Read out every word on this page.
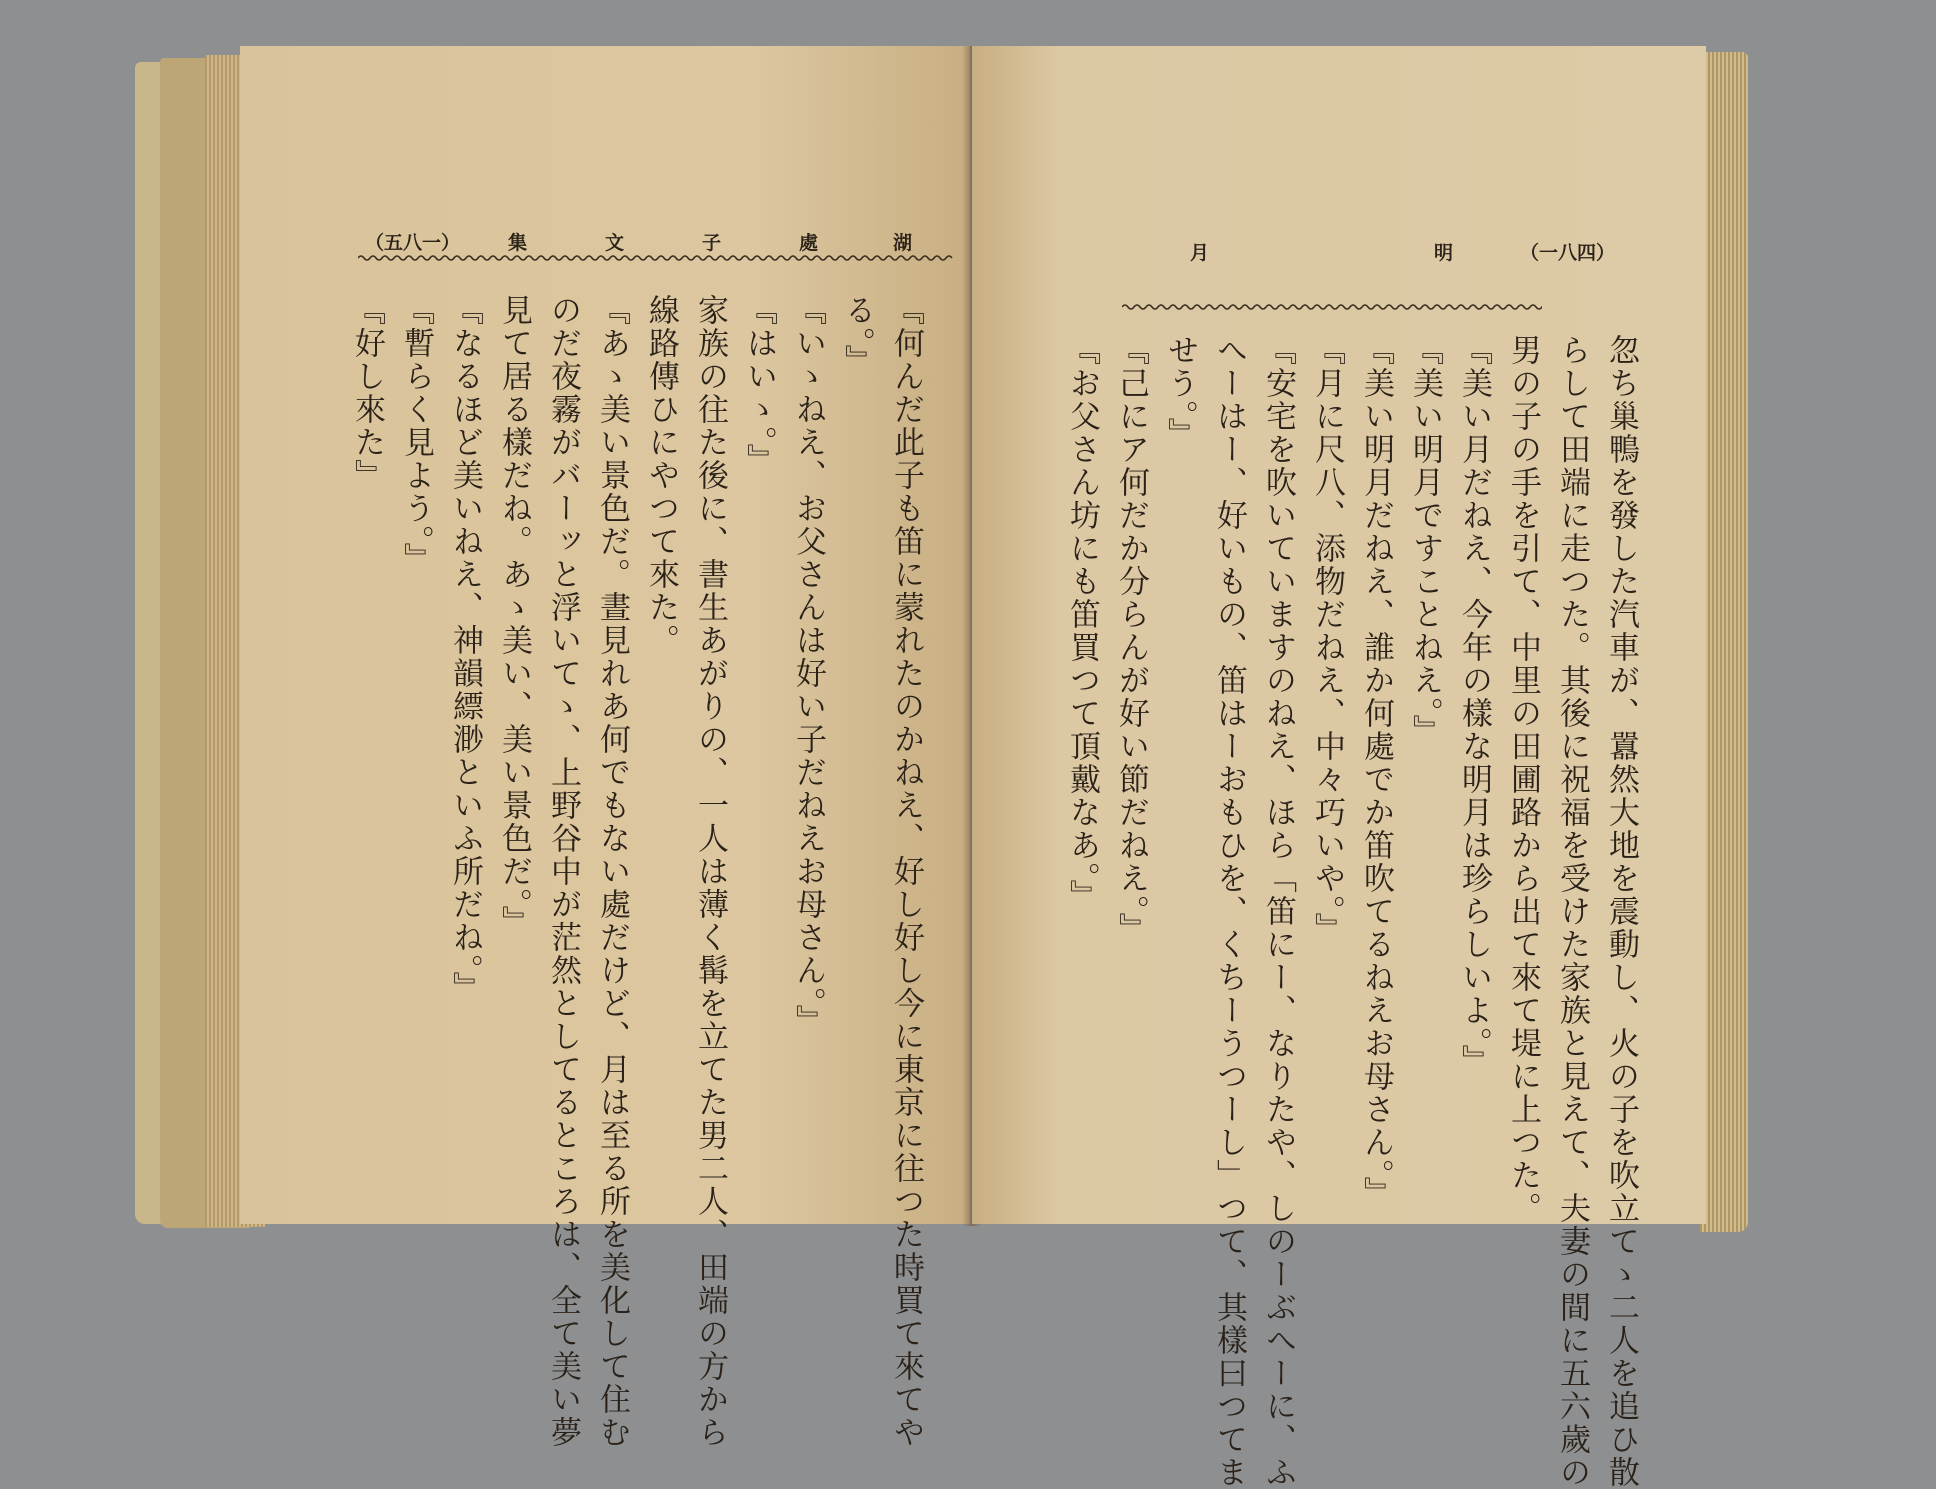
（五八一）	集	文	子	處	湖
『何んだ此子も笛に蒙れたのかねえ、好し好し今に東京に往つた時買て來てや
る。』
『いゝねえ、お父さんは好い子だねえお母さん。』
『はいゝ。』
家族の往た後に、書生あがりの、一人は薄く髯を立てた男二人、田端の方から
線路傳ひにやつて來た。
『あゝ美い景色だ。晝見れあ何でもない處だけど、月は至る所を美化して住む
のだ夜霧がバーッと浮いてゝ、上野谷中が茫然としてるところは、全て美い夢
見て居る樣だね。あゝ美い、美い景色だ。』
『なるほど美いねえ、神韻縹渺といふ所だね。』
『暫らく見よう。』
『好し來た』
月	明	（一八四）
忽ち巢鴨を發した汽車が、囂然大地を震動し、火の子を吹立てゝ二人を追ひ散
らして田端に走つた。其後に祝福を受けた家族と見えて、夫妻の間に五六歲の
男の子の手を引て、中里の田圃路から出て來て堤に上つた。
『美い月だねえ、今年の樣な明月は珍らしいよ。』
『美い明月ですことねえ。』
『美い明月だねえ、誰か何處でか笛吹てるねえお母さん。』
『月に尺八、添物だねえ、中々巧いや。』
『安宅を吹いていますのねえ、ほら「笛にー、なりたや、しのーぶへーに、ふ
へーはー、好いもの、笛はーおもひを、くちーうつーし」つて、其樣曰つてま
せう。』
『己にア何だか分らんが好い節だねえ。』
『お父さん坊にも笛買つて頂戴なあ。』
